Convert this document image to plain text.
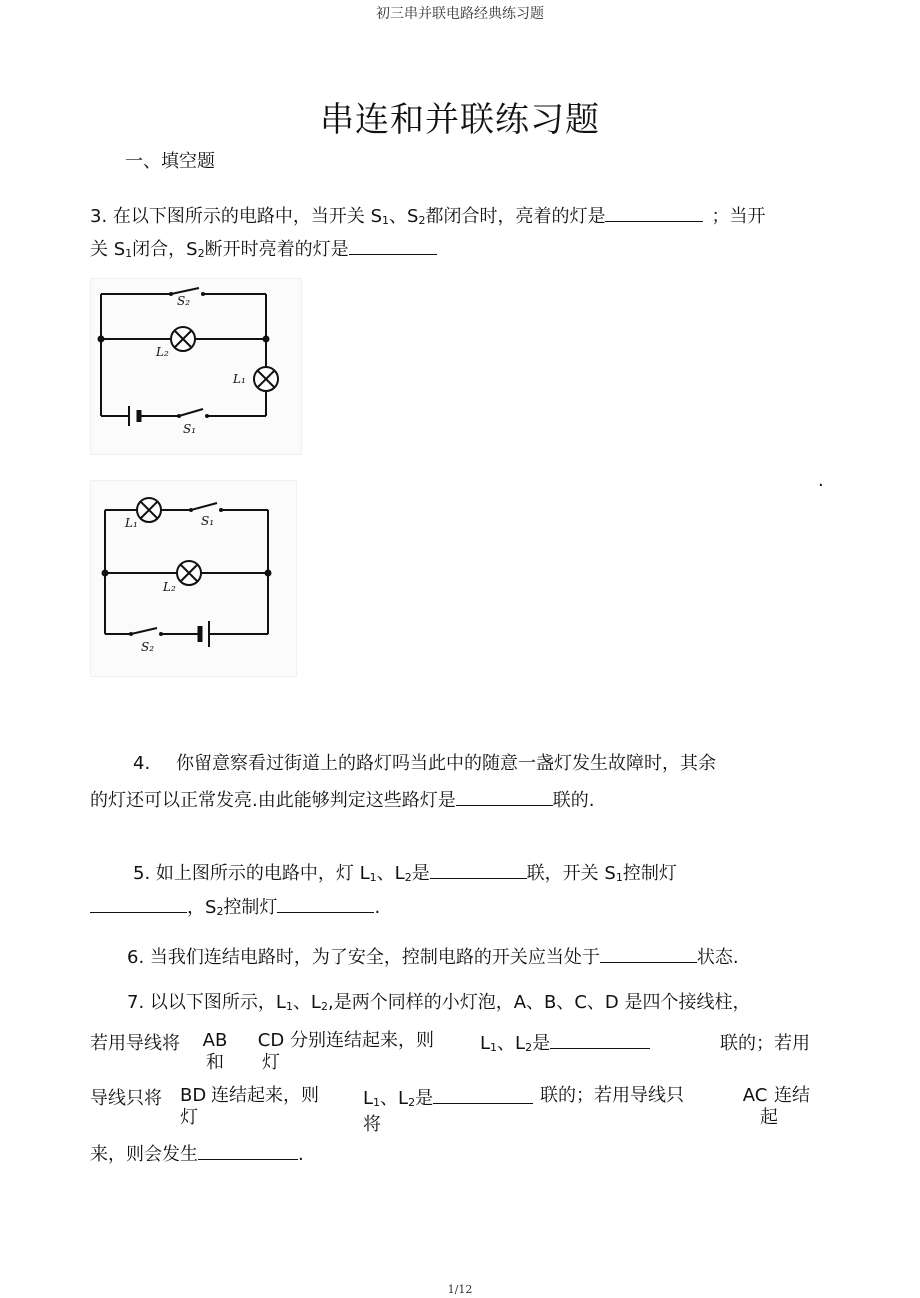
初三串并联电路经典练习题
串连和并联练习题
一、填空题
3. 在以下图所示的电路中，当开关 S1、S2都闭合时，亮着的灯是	；当开
关 S1闭合，S2断开时亮着的灯是
S₂
L₂
L₁
S₁
L₁	S₁
L₂
S₂
.
4. 你留意察看过街道上的路灯吗当此中的随意一盏灯发生故障时，其余
的灯还可以正常发亮.由此能够判定这些路灯是	联的.
5. 如上图所示的电路中，灯 L1、L2是	联，开关 S1控制灯
，S2控制灯	.
6. 当我们连结电路时，为了安全，控制电路的开关应当处于	状态.
7. 以以下图所示，L1、L2,是两个同样的小灯泡，A、B、C、D 是四个接线柱，
若用导线将 AB
和
CD
灯
分别连结起来，则	L1、L2是	联的；若用
导线只将 BD
灯
连结起来，则 L1、L2是
将
联的；若用导线只	AC
起
连结
来，则会发生	.
1/12
